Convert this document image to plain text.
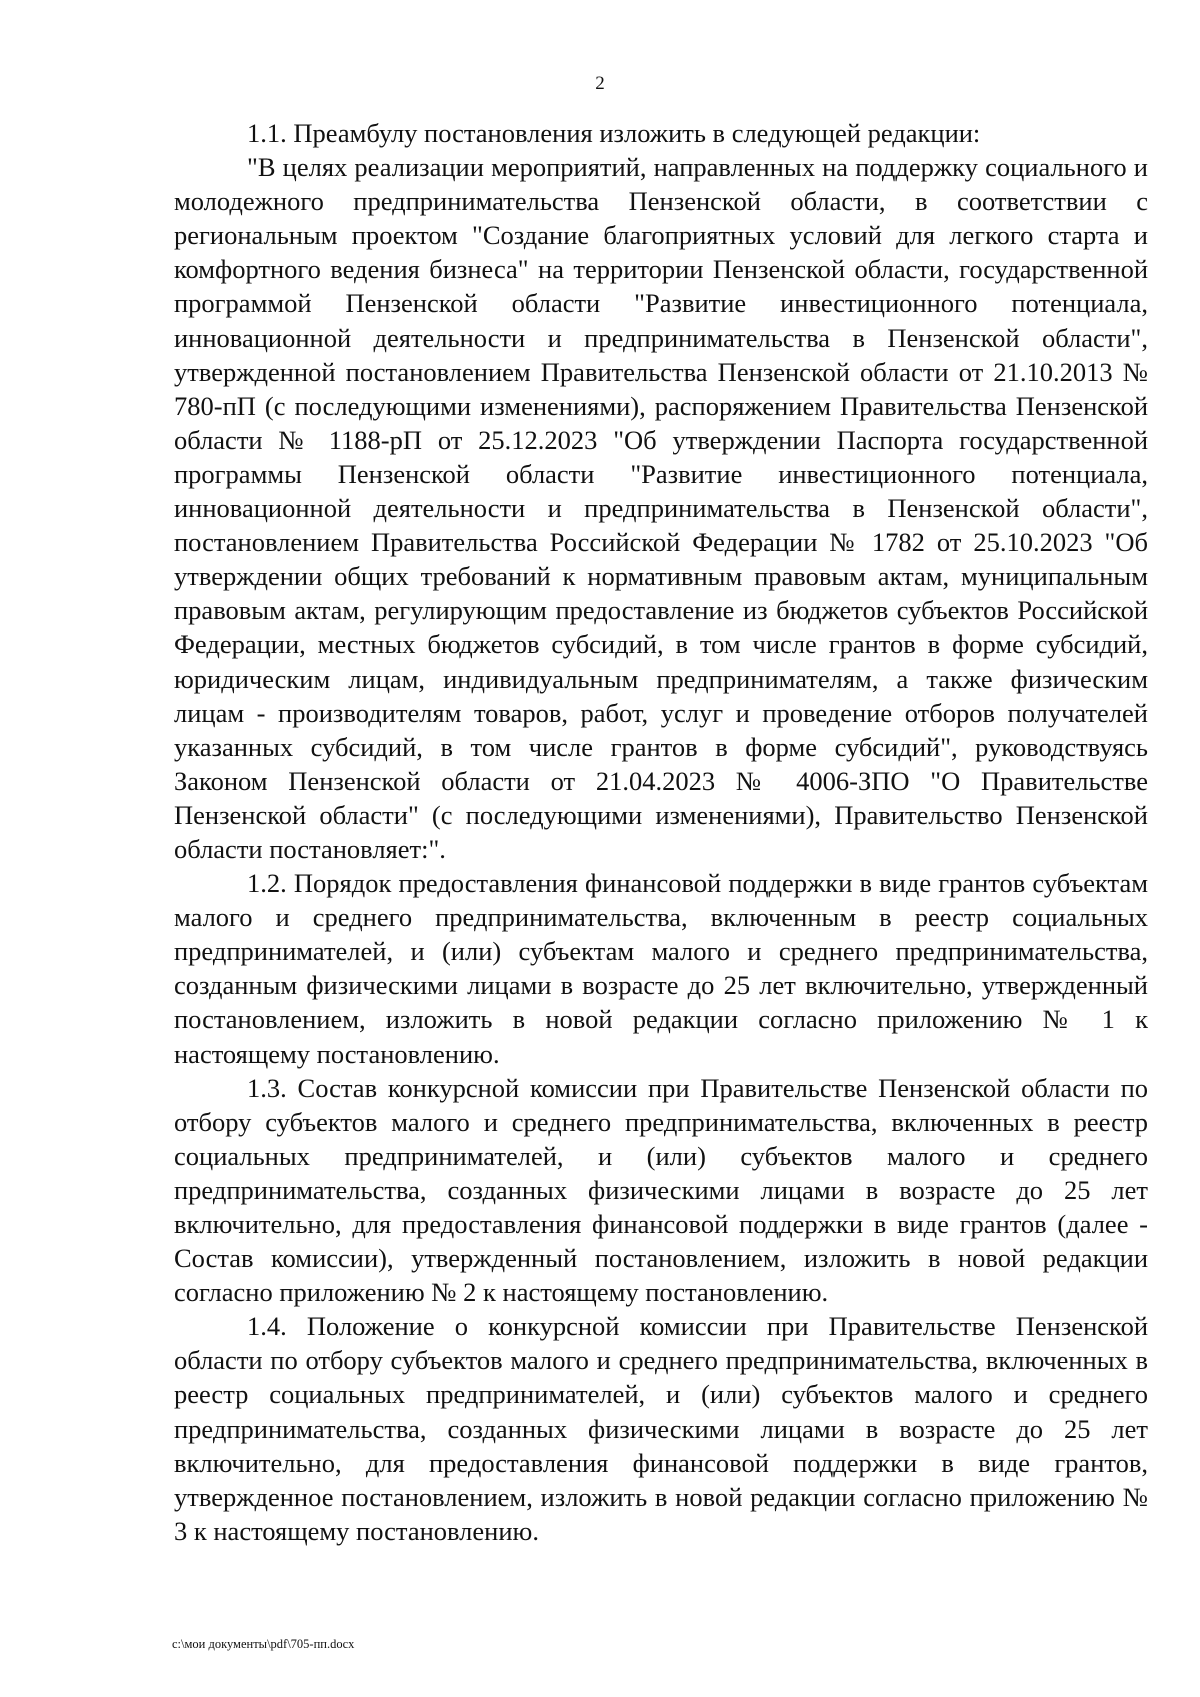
2

1.1. Преамбулу постановления изложить в следующей редакции:

"В целях реализации мероприятий, направленных на поддержку социального и молодежного предпринимательства Пензенской области, в соответствии с региональным проектом "Создание благоприятных условий для легкого старта и комфортного ведения бизнеса" на территории Пензенской области, государственной программой Пензенской области "Развитие инвестиционного потенциала, инновационной деятельности и предпринимательства в Пензенской области", утвержденной постановлением Правительства Пензенской области от 21.10.2013 № 780-пП (с последующими изменениями), распоряжением Правительства Пензенской области № 1188-рП от 25.12.2023 "Об утверждении Паспорта государственной программы Пензенской области "Развитие инвестиционного потенциала, инновационной деятельности и предпринимательства в Пензенской области", постановлением Правительства Российской Федерации № 1782 от 25.10.2023 "Об утверждении общих требований к нормативным правовым актам, муниципальным правовым актам, регулирующим предоставление из бюджетов субъектов Российской Федерации, местных бюджетов субсидий, в том числе грантов в форме субсидий, юридическим лицам, индивидуальным предпринимателям, а также физическим лицам - производителям товаров, работ, услуг и проведение отборов получателей указанных субсидий, в том числе грантов в форме субсидий", руководствуясь Законом Пензенской области от 21.04.2023 № 4006-ЗПО "О Правительстве Пензенской области" (с последующими изменениями), Правительство Пензенской области постановляет:".

1.2. Порядок предоставления финансовой поддержки в виде грантов субъектам малого и среднего предпринимательства, включенным в реестр социальных предпринимателей, и (или) субъектам малого и среднего предпринимательства, созданным физическими лицами в возрасте до 25 лет включительно, утвержденный постановлением, изложить в новой редакции согласно приложению № 1 к настоящему постановлению.

1.3. Состав конкурсной комиссии при Правительстве Пензенской области по отбору субъектов малого и среднего предпринимательства, включенных в реестр социальных предпринимателей, и (или) субъектов малого и среднего предпринимательства, созданных физическими лицами в возрасте до 25 лет включительно, для предоставления финансовой поддержки в виде грантов (далее - Состав комиссии), утвержденный постановлением, изложить в новой редакции согласно приложению № 2 к настоящему постановлению.

1.4. Положение о конкурсной комиссии при Правительстве Пензенской области по отбору субъектов малого и среднего предпринимательства, включенных в реестр социальных предпринимателей, и (или) субъектов малого и среднего предпринимательства, созданных физическими лицами в возрасте до 25 лет включительно, для предоставления финансовой поддержки в виде грантов, утвержденное постановлением, изложить в новой редакции согласно приложению № 3 к настоящему постановлению.

c:\мои документы\pdf\705-пп.docx
